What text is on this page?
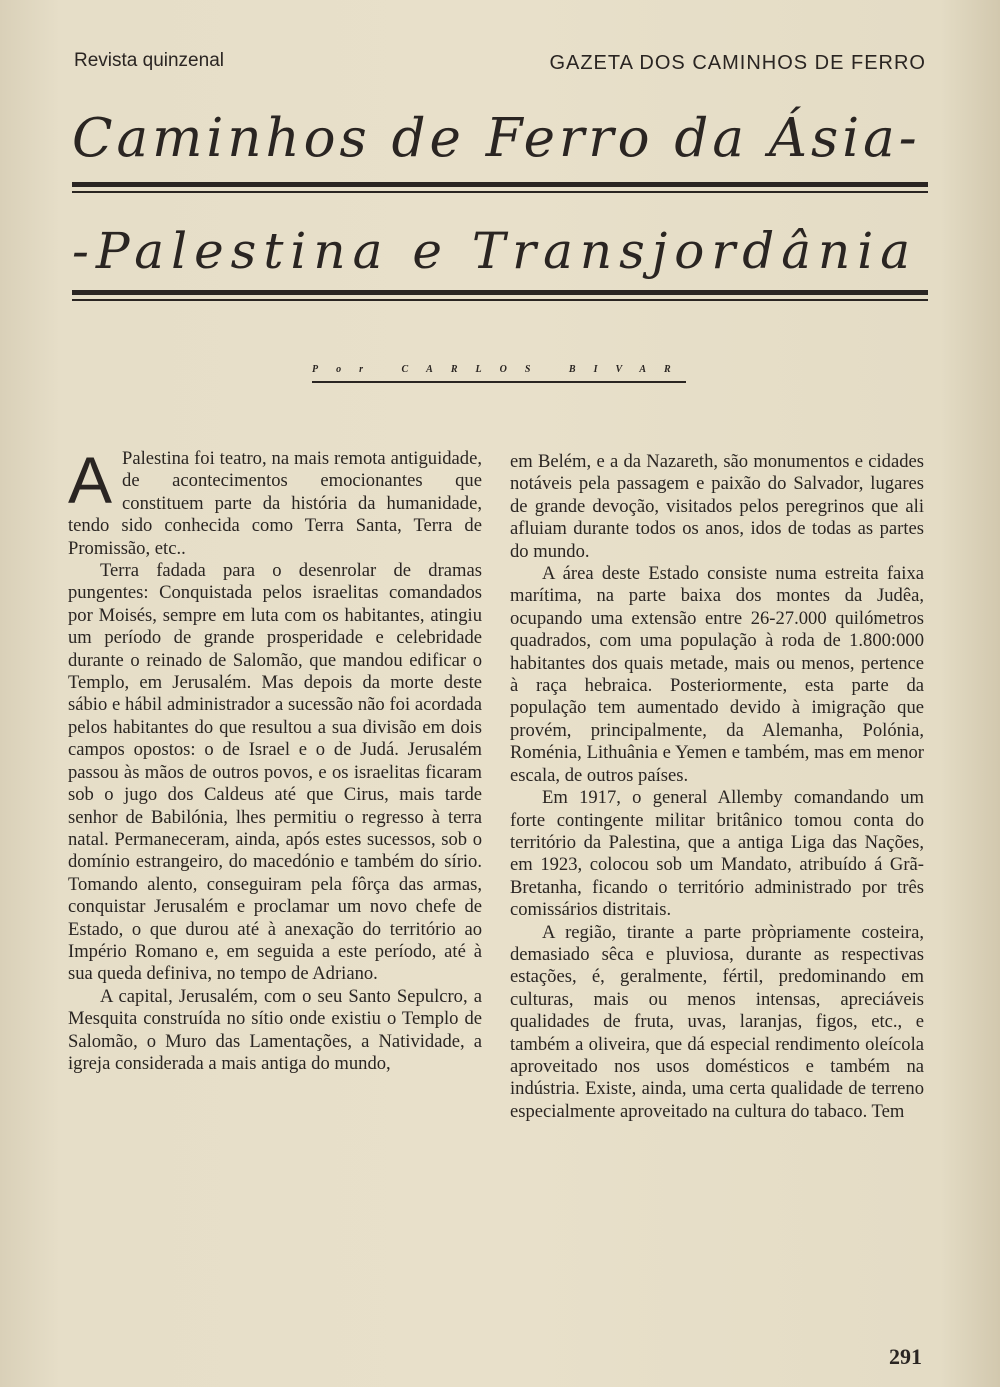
Revista quinzenal	GAZETA DOS CAMINHOS DE FERRO
Caminhos de Ferro da Ásia-
-Palestina e Transjordânia
Por CARLOS BIVAR

A Palestina foi teatro, na mais remota antiguidade, de acontecimentos emocionantes que constituem parte da história da humanidade, tendo sido conhecida como Terra Santa, Terra de Promissão, etc..

Terra fadada para o desenrolar de dramas pungentes: Conquistada pelos israelitas comandados por Moisés, sempre em luta com os habitantes, atingiu um período de grande prosperidade e celebridade durante o reinado de Salomão, que mandou edificar o Templo, em Jerusalém. Mas depois da morte deste sábio e hábil administrador a sucessão não foi acordada pelos habitantes do que resultou a sua divisão em dois campos opostos: o de Israel e o de Judá. Jerusalém passou às mãos de outros povos, e os israelitas ficaram sob o jugo dos Caldeus até que Cirus, mais tarde senhor de Babilónia, lhes permitiu o regresso à terra natal. Permaneceram, ainda, após estes sucessos, sob o domínio estrangeiro, do macedónio e também do sírio. Tomando alento, conseguiram pela fôrça das armas, conquistar Jerusalém e proclamar um novo chefe de Estado, o que durou até à anexação do território ao Império Romano e, em seguida a este período, até à sua queda definiva, no tempo de Adriano.

A capital, Jerusalém, com o seu Santo Sepulcro, a Mesquita construída no sítio onde existiu o Templo de Salomão, o Muro das Lamentações, a Natividade, a igreja considerada a mais antiga do mundo,

em Belém, e a da Nazareth, são monumentos e cidades notáveis pela passagem e paixão do Salvador, lugares de grande devoção, visitados pelos peregrinos que ali afluiam durante todos os anos, idos de todas as partes do mundo.

A área deste Estado consiste numa estreita faixa marítima, na parte baixa dos montes da Judêa, ocupando uma extensão entre 26-27.000 quilómetros quadrados, com uma população à roda de 1.800:000 habitantes dos quais metade, mais ou menos, pertence à raça hebraica. Posteriormente, esta parte da população tem aumentado devido à imigração que provém, principalmente, da Alemanha, Polónia, Roménia, Lithuânia e Yemen e também, mas em menor escala, de outros países.

Em 1917, o general Allemby comandando um forte contingente militar britânico tomou conta do território da Palestina, que a antiga Liga das Nações, em 1923, colocou sob um Mandato, atribuído á Grã-Bretanha, ficando o território administrado por três comissários distritais.

A região, tirante a parte pròpriamente costeira, demasiado sêca e pluviosa, durante as respectivas estações, é, geralmente, fértil, predominando em culturas, mais ou menos intensas, apreciáveis qualidades de fruta, uvas, laranjas, figos, etc., e também a oliveira, que dá especial rendimento oleícola aproveitado nos usos domésticos e também na indústria. Existe, ainda, uma certa qualidade de terreno especialmente aproveitado na cultura do tabaco. Tem

291
